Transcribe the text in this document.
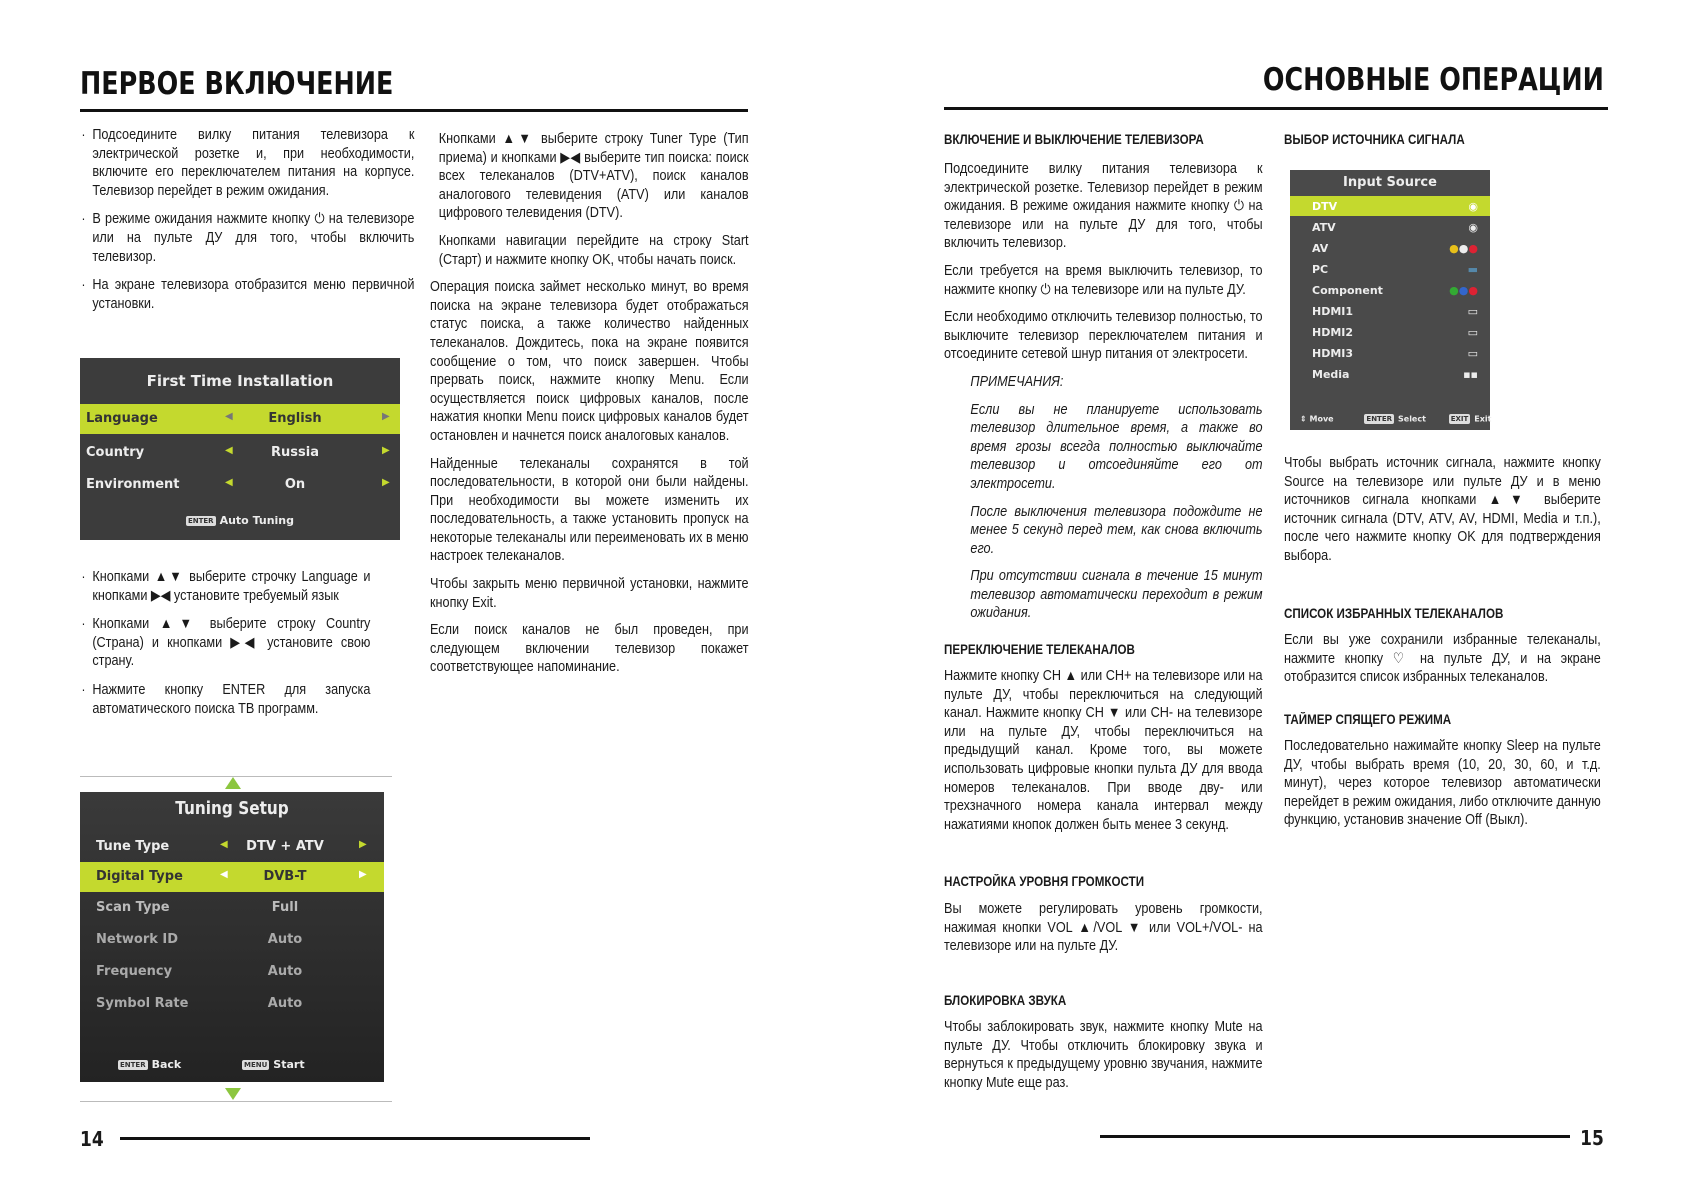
ПЕРВОЕ ВКЛЮЧЕНИЕ
. Подсоедините вилку питания телевизора к электрической розетке и, при необходимости, включите его переключателем питания на корпусе. Телевизор перейдет в режим ожидания.
. В режиме ожидания нажмите кнопку ⏻ на телевизоре или на пульте ДУ для того, чтобы включить телевизор.
. На экране телевизора отобразится меню первичной установки.
First Time Installation
Language	◀	English	▶
Country	◀	Russia	▶
Environment	◀	On	▶
ENTER Auto Tuning
. Кнопками ▲▼ выберите строчку Language и кнопками ▶◀ установите требуемый язык
. Кнопками ▲▼ выберите строку Country (Страна) и кнопками ▶◀ установите свою страну.
. Нажмите кнопку ENTER для запуска автоматического поиска ТВ программ.
Tuning Setup
Tune Type	◀	DTV + ATV	▶
Digital Type	◀	DVB-T	▶
Scan Type	Full
Network ID	Auto
Frequency	Auto
Symbol Rate	Auto
ENTER Back	MENU Start

Кнопками ▲▼ выберите строку Tuner Type (Тип приема) и кнопками ▶◀ выберите тип поиска: поиск всех телеканалов (DTV+ATV), поиск каналов аналогового телевидения (ATV) или каналов цифрового телевидения (DTV).

Кнопками навигации перейдите на строку Start (Старт) и нажмите кнопку OK, чтобы начать поиск.

Операция поиска займет несколько минут, во время поиска на экране телевизора будет отображаться статус поиска, а также количество найденных телеканалов. Дождитесь, пока на экране появится сообщение о том, что поиск завершен. Чтобы прервать поиск, нажмите кнопку Menu. Если осуществляется поиск цифровых каналов, после нажатия кнопки Menu поиск цифровых каналов будет остановлен и начнется поиск аналоговых каналов.

Найденные телеканалы сохранятся в той последовательности, в которой они были найдены. При необходимости вы можете изменить их последовательность, а также установить пропуск на некоторые телеканалы или переименовать их в меню настроек телеканалов.

Чтобы закрыть меню первичной установки, нажмите кнопку Exit.

Если поиск каналов не был проведен, при следующем включении телевизор покажет соответствующее напоминание.

14
ОСНОВНЫЕ ОПЕРАЦИИ
ВКЛЮЧЕНИЕ И ВЫКЛЮЧЕНИЕ ТЕЛЕВИЗОРА

Подсоедините вилку питания телевизора к электрической розетке. Телевизор перейдет в режим ожидания. В режиме ожидания нажмите кнопку ⏻ на телевизоре или на пульте ДУ для того, чтобы включить телевизор.

Если требуется на время выключить телевизор, то нажмите кнопку ⏻ на телевизоре или на пульте ДУ.

Если необходимо отключить телевизор полностью, то выключите телевизор переключателем питания и отсоедините сетевой шнур питания от электросети.

ПРИМЕЧАНИЯ:

Если вы не планируете использовать телевизор длительное время, а также во время грозы всегда полностью выключайте телевизор и отсоединяйте его от электросети.

После выключения телевизора подождите не менее 5 секунд перед тем, как снова включить его.

При отсутствии сигнала в течение 15 минут телевизор автоматически переходит в режим ожидания.

ПЕРЕКЛЮЧЕНИЕ ТЕЛЕКАНАЛОВ

Нажмите кнопку CH ▲ или CH+ на телевизоре или на пульте ДУ, чтобы переключиться на следующий канал. Нажмите кнопку CH ▼ или CH- на телевизоре или на пульте ДУ, чтобы переключиться на предыдущий канал. Кроме того, вы можете использовать цифровые кнопки пульта ДУ для ввода номеров телеканалов. При вводе дву- или трехзначного номера канала интервал между нажатиями кнопок должен быть менее 3 секунд.

НАСТРОЙКА УРОВНЯ ГРОМКОСТИ

Вы можете регулировать уровень громкости, нажимая кнопки VOL ▲/VOL ▼ или VOL+/VOL- на телевизоре или на пульте ДУ.

БЛОКИРОВКА ЗВУКА

Чтобы заблокировать звук, нажмите кнопку Mute на пульте ДУ. Чтобы отключить блокировку звука и вернуться к предыдущему уровню звучания, нажмите кнопку Mute еще раз.

ВЫБОР ИСТОЧНИКА СИГНАЛА
Input Source
DTV	◉
ATV	◉
AV	●●●
PC	▬
Component	●●●
HDMI1	▭
HDMI2	▭
HDMI3	▭
Media	▪▪
⇕ Move	ENTER Select	EXIT Exit

Чтобы выбрать источник сигнала, нажмите кнопку Source на телевизоре или пульте ДУ и в меню источников сигнала кнопками ▲▼ выберите источник сигнала (DTV, ATV, AV, HDMI, Media и т.п.), после чего нажмите кнопку OK для подтверждения выбора.

СПИСОК ИЗБРАННЫХ ТЕЛЕКАНАЛОВ

Если вы уже сохранили избранные телеканалы, нажмите кнопку ♡ на пульте ДУ, и на экране отобразится список избранных телеканалов.

ТАЙМЕР СПЯЩЕГО РЕЖИМА

Последовательно нажимайте кнопку Sleep на пульте ДУ, чтобы выбрать время (10, 20, 30, 60, и т.д. минут), через которое телевизор автоматически перейдет в режим ожидания, либо отключите данную функцию, установив значение Off (Выкл).

15
